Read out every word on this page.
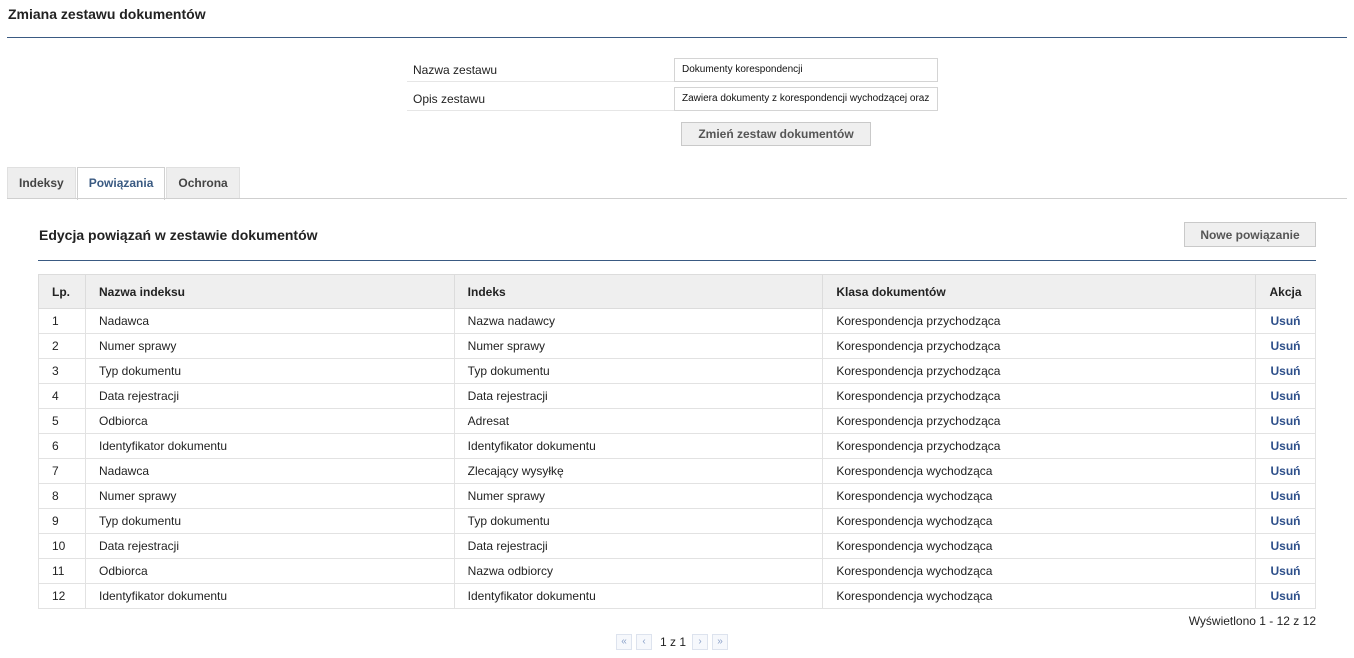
Zmiana zestawu dokumentów
Nazwa zestawu
Dokumenty korespondencji
Opis zestawu
Zawiera dokumenty z korespondencji wychodzącej oraz przychodzącej
Zmień zestaw dokumentów
Indeksy	Powiązania	Ochrona
Edycja powiązań w zestawie dokumentów	Nowe powiązanie
Lp.	Nazwa indeksu	Indeks	Klasa dokumentów	Akcja
1	Nadawca	Nazwa nadawcy	Korespondencja przychodząca	Usuń
2	Numer sprawy	Numer sprawy	Korespondencja przychodząca	Usuń
3	Typ dokumentu	Typ dokumentu	Korespondencja przychodząca	Usuń
4	Data rejestracji	Data rejestracji	Korespondencja przychodząca	Usuń
5	Odbiorca	Adresat	Korespondencja przychodząca	Usuń
6	Identyfikator dokumentu	Identyfikator dokumentu	Korespondencja przychodząca	Usuń
7	Nadawca	Zlecający wysyłkę	Korespondencja wychodząca	Usuń
8	Numer sprawy	Numer sprawy	Korespondencja wychodząca	Usuń
9	Typ dokumentu	Typ dokumentu	Korespondencja wychodząca	Usuń
10	Data rejestracji	Data rejestracji	Korespondencja wychodząca	Usuń
11	Odbiorca	Nazwa odbiorcy	Korespondencja wychodząca	Usuń
12	Identyfikator dokumentu	Identyfikator dokumentu	Korespondencja wychodząca	Usuń
Wyświetlono 1 - 12 z 12
«	‹	1 z 1	›	»
